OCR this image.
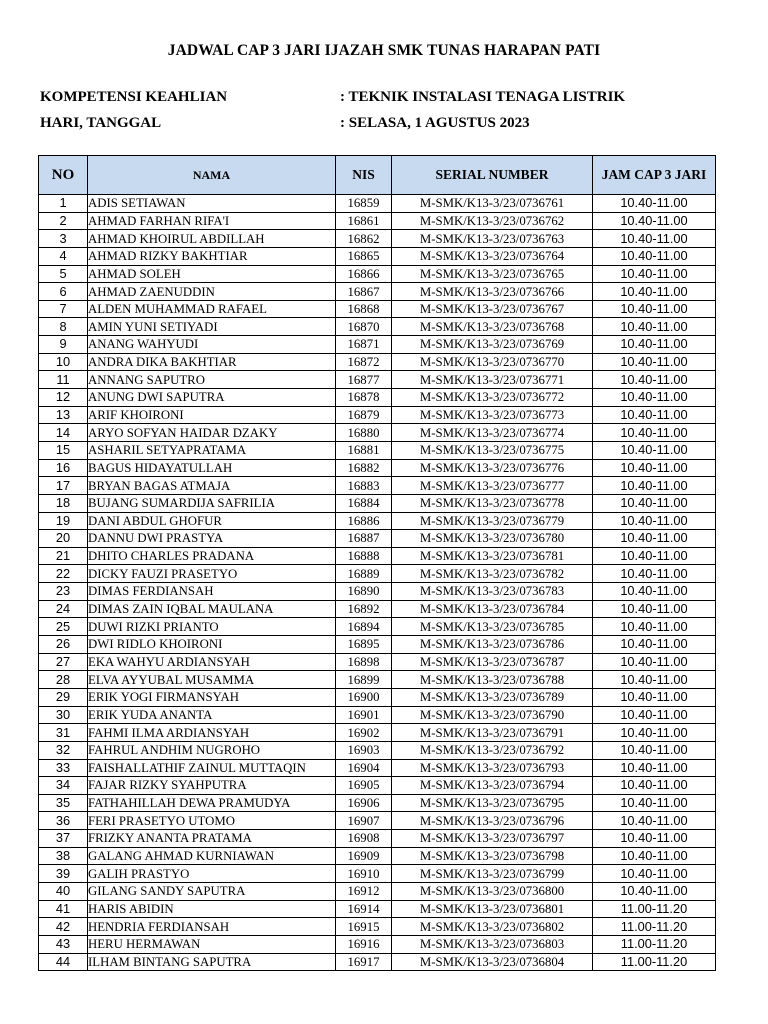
JADWAL CAP 3 JARI IJAZAH SMK TUNAS HARAPAN PATI
KOMPETENSI KEAHLIAN	: TEKNIK INSTALASI TENAGA LISTRIK
HARI, TANGGAL	: SELASA, 1 AGUSTUS 2023
NO	NAMA	NIS	SERIAL NUMBER	JAM CAP 3 JARI
1	ADIS SETIAWAN	16859	M-SMK/K13-3/23/0736761	10.40-11.00
2	AHMAD FARHAN RIFA'I	16861	M-SMK/K13-3/23/0736762	10.40-11.00
3	AHMAD KHOIRUL ABDILLAH	16862	M-SMK/K13-3/23/0736763	10.40-11.00
4	AHMAD RIZKY BAKHTIAR	16865	M-SMK/K13-3/23/0736764	10.40-11.00
5	AHMAD SOLEH	16866	M-SMK/K13-3/23/0736765	10.40-11.00
6	AHMAD ZAENUDDIN	16867	M-SMK/K13-3/23/0736766	10.40-11.00
7	ALDEN MUHAMMAD RAFAEL	16868	M-SMK/K13-3/23/0736767	10.40-11.00
8	AMIN YUNI SETIYADI	16870	M-SMK/K13-3/23/0736768	10.40-11.00
9	ANANG WAHYUDI	16871	M-SMK/K13-3/23/0736769	10.40-11.00
10	ANDRA DIKA BAKHTIAR	16872	M-SMK/K13-3/23/0736770	10.40-11.00
11	ANNANG SAPUTRO	16877	M-SMK/K13-3/23/0736771	10.40-11.00
12	ANUNG DWI SAPUTRA	16878	M-SMK/K13-3/23/0736772	10.40-11.00
13	ARIF KHOIRONI	16879	M-SMK/K13-3/23/0736773	10.40-11.00
14	ARYO SOFYAN HAIDAR DZAKY	16880	M-SMK/K13-3/23/0736774	10.40-11.00
15	ASHARIL SETYAPRATAMA	16881	M-SMK/K13-3/23/0736775	10.40-11.00
16	BAGUS HIDAYATULLAH	16882	M-SMK/K13-3/23/0736776	10.40-11.00
17	BRYAN BAGAS ATMAJA	16883	M-SMK/K13-3/23/0736777	10.40-11.00
18	BUJANG SUMARDIJA SAFRILIA	16884	M-SMK/K13-3/23/0736778	10.40-11.00
19	DANI ABDUL GHOFUR	16886	M-SMK/K13-3/23/0736779	10.40-11.00
20	DANNU DWI PRASTYA	16887	M-SMK/K13-3/23/0736780	10.40-11.00
21	DHITO CHARLES PRADANA	16888	M-SMK/K13-3/23/0736781	10.40-11.00
22	DICKY FAUZI PRASETYO	16889	M-SMK/K13-3/23/0736782	10.40-11.00
23	DIMAS FERDIANSAH	16890	M-SMK/K13-3/23/0736783	10.40-11.00
24	DIMAS ZAIN IQBAL MAULANA	16892	M-SMK/K13-3/23/0736784	10.40-11.00
25	DUWI RIZKI PRIANTO	16894	M-SMK/K13-3/23/0736785	10.40-11.00
26	DWI RIDLO KHOIRONI	16895	M-SMK/K13-3/23/0736786	10.40-11.00
27	EKA WAHYU ARDIANSYAH	16898	M-SMK/K13-3/23/0736787	10.40-11.00
28	ELVA AYYUBAL MUSAMMA	16899	M-SMK/K13-3/23/0736788	10.40-11.00
29	ERIK YOGI FIRMANSYAH	16900	M-SMK/K13-3/23/0736789	10.40-11.00
30	ERIK YUDA ANANTA	16901	M-SMK/K13-3/23/0736790	10.40-11.00
31	FAHMI ILMA ARDIANSYAH	16902	M-SMK/K13-3/23/0736791	10.40-11.00
32	FAHRUL ANDHIM NUGROHO	16903	M-SMK/K13-3/23/0736792	10.40-11.00
33	FAISHALLATHIF ZAINUL MUTTAQIN	16904	M-SMK/K13-3/23/0736793	10.40-11.00
34	FAJAR RIZKY SYAHPUTRA	16905	M-SMK/K13-3/23/0736794	10.40-11.00
35	FATHAHILLAH DEWA PRAMUDYA	16906	M-SMK/K13-3/23/0736795	10.40-11.00
36	FERI PRASETYO UTOMO	16907	M-SMK/K13-3/23/0736796	10.40-11.00
37	FRIZKY ANANTA PRATAMA	16908	M-SMK/K13-3/23/0736797	10.40-11.00
38	GALANG AHMAD KURNIAWAN	16909	M-SMK/K13-3/23/0736798	10.40-11.00
39	GALIH PRASTYO	16910	M-SMK/K13-3/23/0736799	10.40-11.00
40	GILANG SANDY SAPUTRA	16912	M-SMK/K13-3/23/0736800	10.40-11.00
41	HARIS ABIDIN	16914	M-SMK/K13-3/23/0736801	11.00-11.20
42	HENDRIA FERDIANSAH	16915	M-SMK/K13-3/23/0736802	11.00-11.20
43	HERU HERMAWAN	16916	M-SMK/K13-3/23/0736803	11.00-11.20
44	ILHAM BINTANG SAPUTRA	16917	M-SMK/K13-3/23/0736804	11.00-11.20
